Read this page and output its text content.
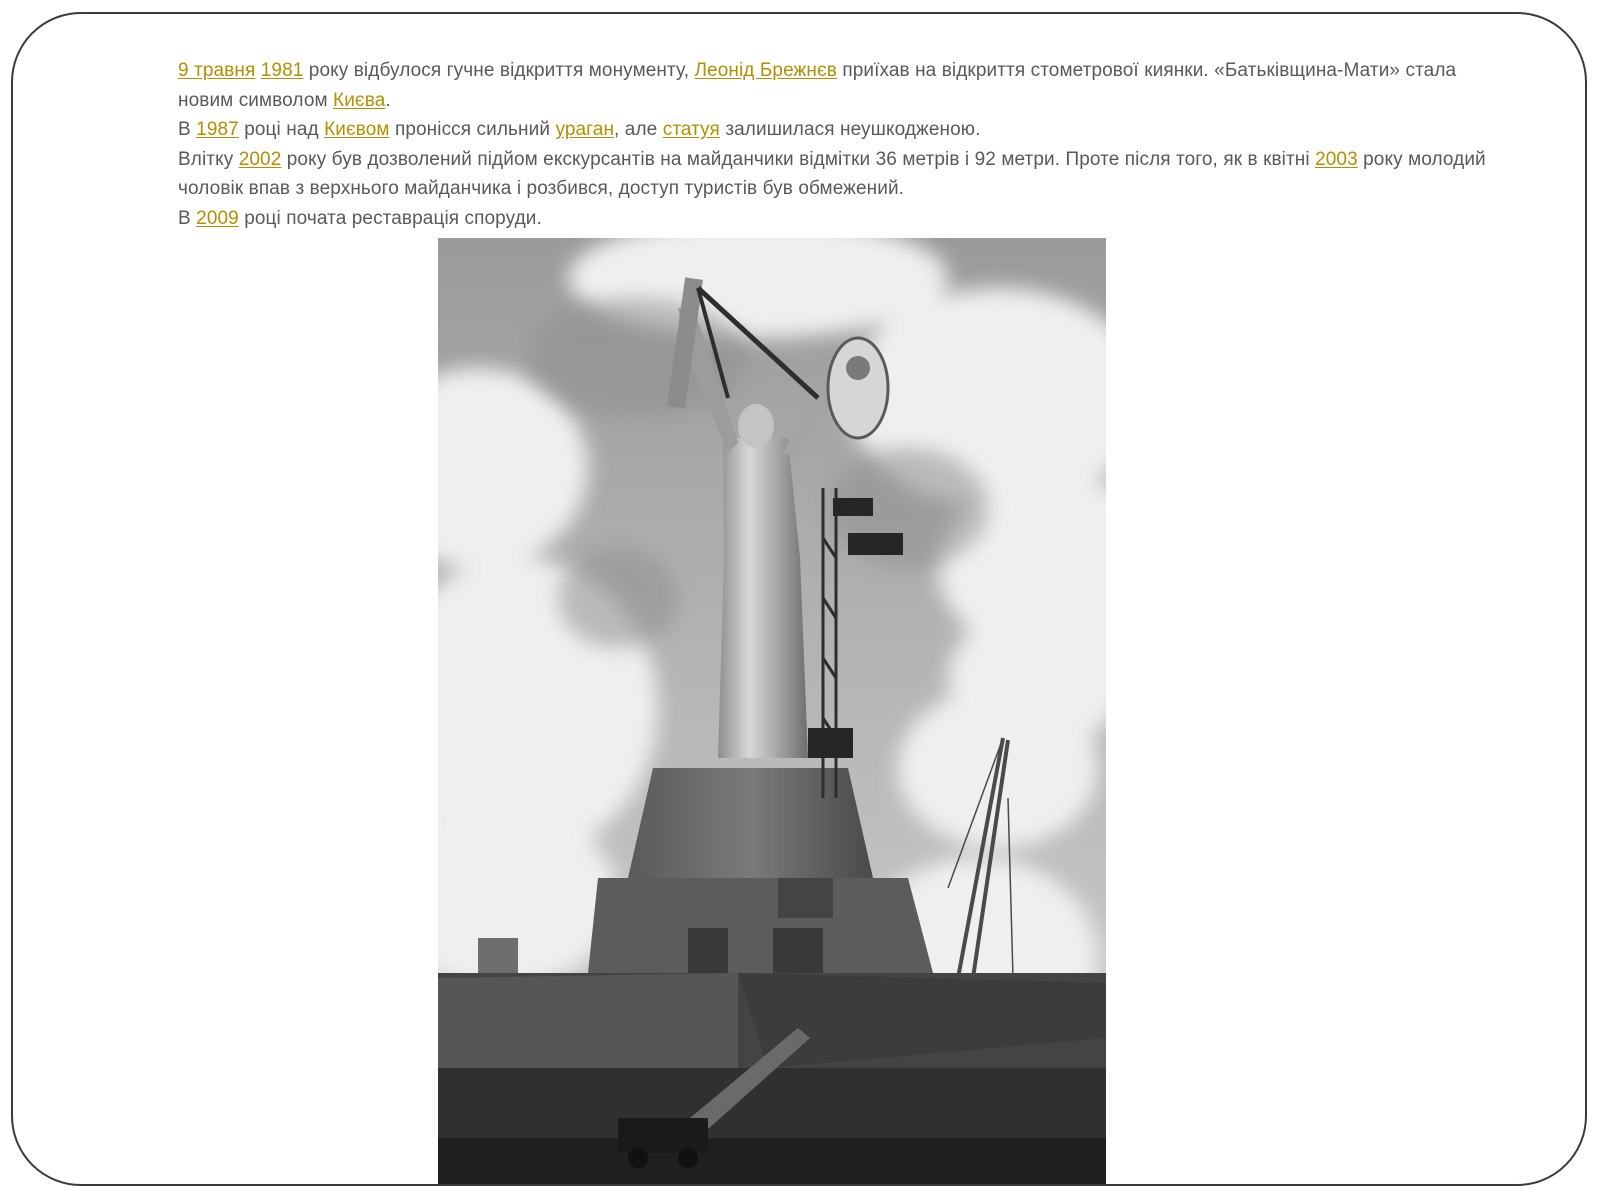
9 травня 1981 року відбулося гучне відкриття монументу, Леонід Брежнєв приїхав на відкриття стометрової киянки. «Батьківщина-Мати» стала новим символом Києва.

В 1987 році над Києвом пронісся сильний ураган, але статуя залишилася неушкодженою.

Влітку 2002 року був дозволений підйом екскурсантів на майданчики відмітки 36 метрів і 92 метри. Проте після того, як в квітні 2003 року молодий чоловік впав з верхнього майданчика і розбився, доступ туристів був обмежений.

В 2009 році почата реставрація споруди.
